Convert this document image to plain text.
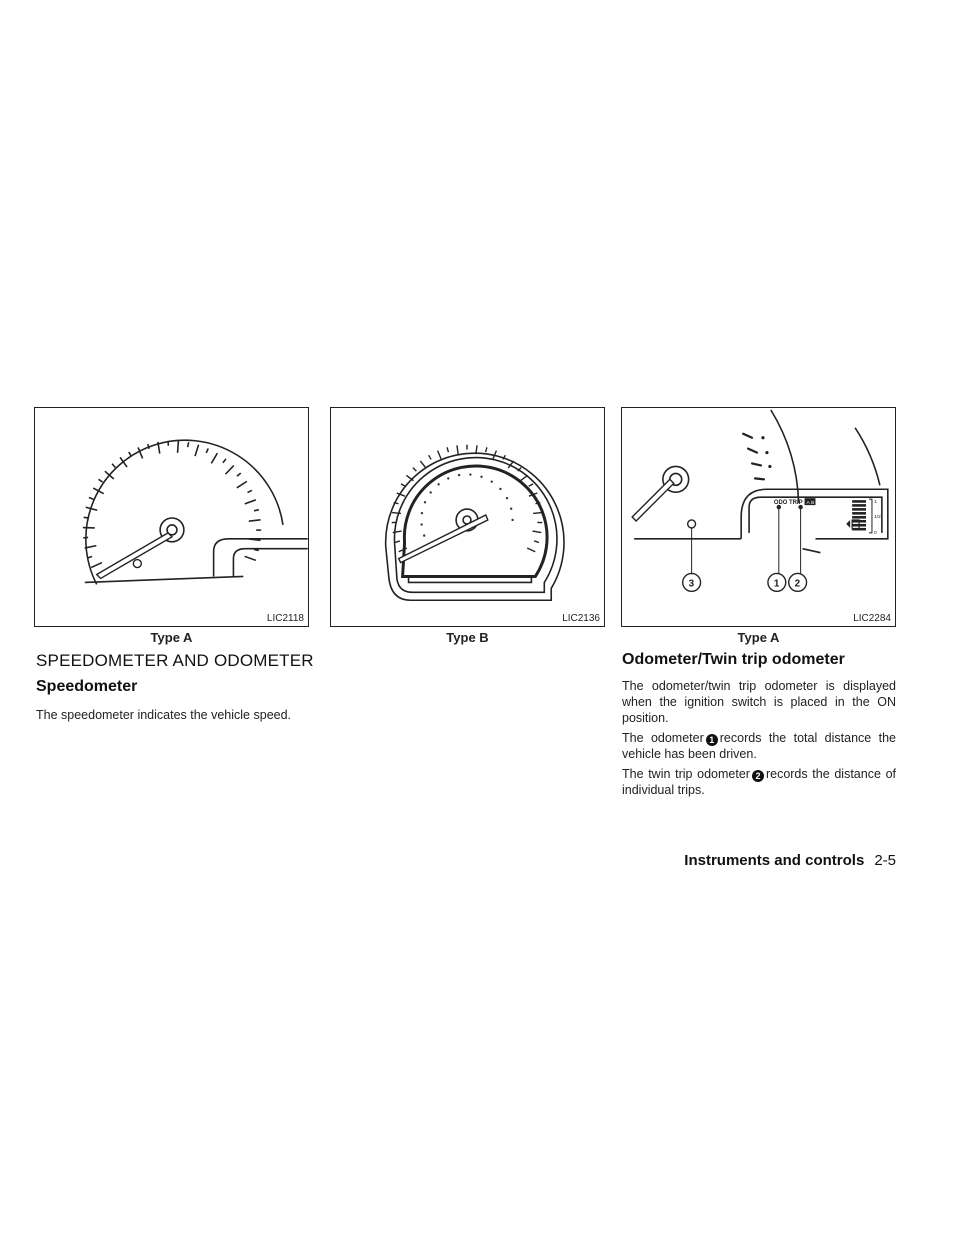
LIC2118
Type A
LIC2136
Type B
ODO TRIP A B	1
1/2
0
3	1 2
LIC2284
Type A
SPEEDOMETER AND ODOMETER
Speedometer

The speedometer indicates the vehicle speed.

Odometer/Twin trip odometer

The odometer/twin trip odometer is displayed when the ignition switch is placed in the ON position.

The odometer 1 records the total distance the vehicle has been driven.

The twin trip odometer 2 records the distance of individual trips.

Instruments and controls 2-5
